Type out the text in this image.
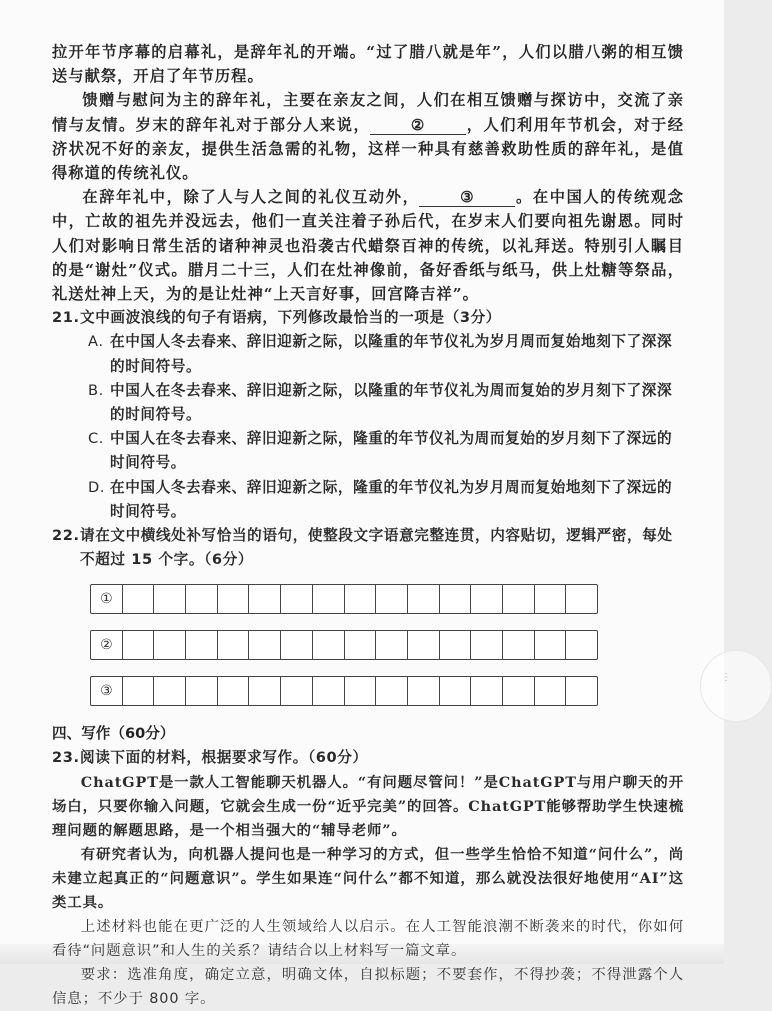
拉开年节序幕的启幕礼，是辞年礼的开端。“过了腊八就是年”，人们以腊八粥的相互馈送与献祭，开启了年节历程。

馈赠与慰问为主的辞年礼，主要在亲友之间，人们在相互馈赠与探访中，交流了亲情与友情。岁末的辞年礼对于部分人来说，	②	，人们利用年节机会，对于经济状况不好的亲友，提供生活急需的礼物，这样一种具有慈善救助性质的辞年礼，是值得称道的传统礼仪。

在辞年礼中，除了人与人之间的礼仪互动外，	③	。在中国人的传统观念中，亡故的祖先并没远去，他们一直关注着子孙后代，在岁末人们要向祖先谢恩。同时人们对影响日常生活的诸种神灵也沿袭古代蜡祭百神的传统，以礼拜送。特别引人瞩目的是“谢灶”仪式。腊月二十三，人们在灶神像前，备好香纸与纸马，供上灶糖等祭品，礼送灶神上天，为的是让灶神“上天言好事，回宫降吉祥”。

21.文中画波浪线的句子有语病，下列修改最恰当的一项是（3分）

A. 在中国人冬去春来、辞旧迎新之际，以隆重的年节仪礼为岁月周而复始地刻下了深深的时间符号。

B. 中国人在冬去春来、辞旧迎新之际，以隆重的年节仪礼为周而复始的岁月刻下了深深的时间符号。

C. 中国人在冬去春来、辞旧迎新之际，隆重的年节仪礼为周而复始的岁月刻下了深远的时间符号。

D. 在中国人冬去春来、辞旧迎新之际，隆重的年节仪礼为岁月周而复始地刻下了深远的时间符号。

22.请在文中横线处补写恰当的语句，使整段文字语意完整连贯，内容贴切，逻辑严密，每处不超过 15 个字。（6分）

①
②
③

四、写作（60分）

23.阅读下面的材料，根据要求写作。（60分）

ChatGPT是一款人工智能聊天机器人。“有问题尽管问！”是ChatGPT与用户聊天的开场白，只要你输入问题，它就会生成一份“近乎完美”的回答。ChatGPT能够帮助学生快速梳理问题的解题思路，是一个相当强大的“辅导老师”。

有研究者认为，向机器人提问也是一种学习的方式，但一些学生恰恰不知道“问什么”，尚未建立起真正的“问题意识”。学生如果连“问什么”都不知道，那么就没法很好地使用“AI”这类工具。

上述材料也能在更广泛的人生领域给人以启示。在人工智能浪潮不断袭来的时代，你如何看待“问题意识”和人生的关系？请结合以上材料写一篇文章。

要求：选准角度，确定立意，明确文体，自拟标题；不要套作，不得抄袭；不得泄露个人信息；不少于 800 字。

⋮
